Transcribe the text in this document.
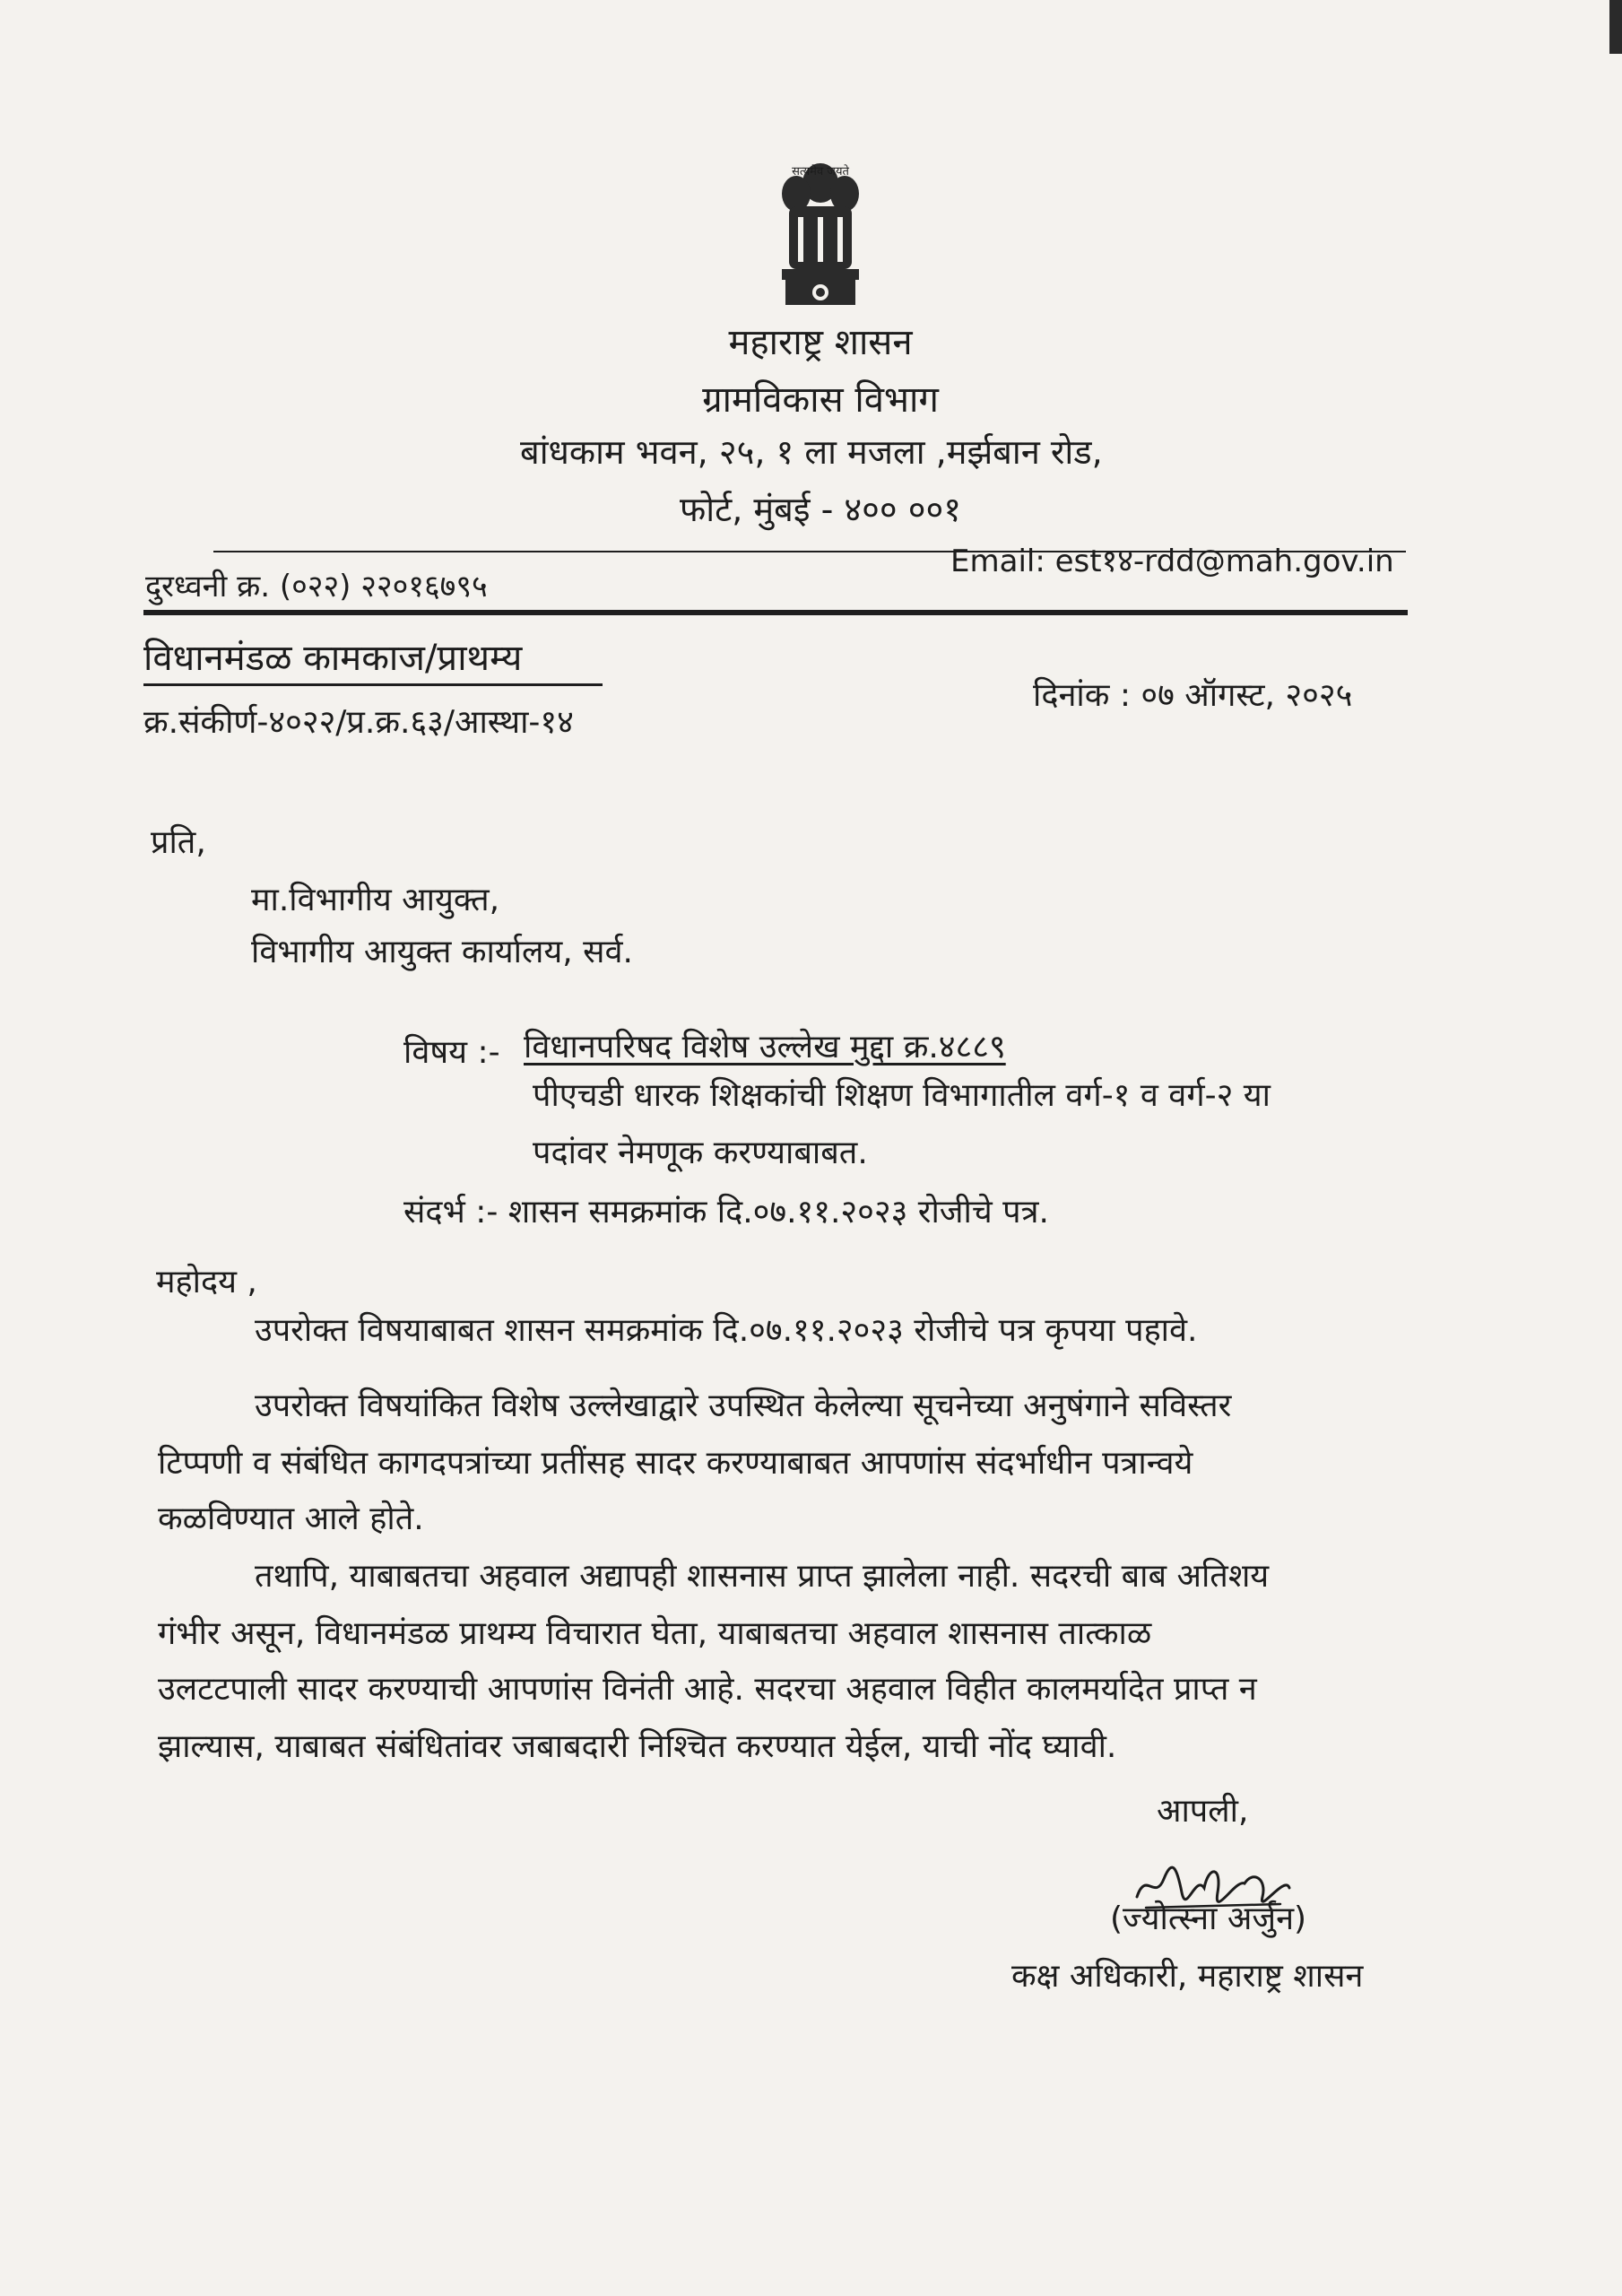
सत्यमेव जयते
महाराष्ट्र शासन
ग्रामविकास विभाग
बांधकाम भवन, २५, १ ला मजला ,मर्झबान रोड,
फोर्ट, मुंबई - ४०० ००१
Email: est१४-rdd@mah.gov.in
दुरध्वनी क्र. (०२२) २२०१६७९५
विधानमंडळ कामकाज/प्राथम्य
क्र.संकीर्ण-४०२२/प्र.क्र.६३/आस्था-१४
दिनांक : ०७ ऑगस्ट, २०२५
प्रति,
मा.विभागीय आयुक्त,
विभागीय आयुक्त कार्यालय, सर्व.
विषय :- विधानपरिषद विशेष उल्लेख मुद्दा क्र.४८८९
पीएचडी धारक शिक्षकांची शिक्षण विभागातील वर्ग-१ व वर्ग-२ या
पदांवर नेमणूक करण्याबाबत.
संदर्भ :- शासन समक्रमांक दि.०७.११.२०२३ रोजीचे पत्र.
महोदय ,
उपरोक्त विषयाबाबत शासन समक्रमांक दि.०७.११.२०२३ रोजीचे पत्र कृपया पहावे.
उपरोक्त विषयांकित विशेष उल्लेखाद्वारे उपस्थित केलेल्या सूचनेच्या अनुषंगाने सविस्तर
टिप्पणी व संबंधित कागदपत्रांच्या प्रतींसह सादर करण्याबाबत आपणांस संदर्भाधीन पत्रान्वये
कळविण्यात आले होते.
तथापि, याबाबतचा अहवाल अद्यापही शासनास प्राप्त झालेला नाही. सदरची बाब अतिशय
गंभीर असून, विधानमंडळ प्राथम्य विचारात घेता, याबाबतचा अहवाल शासनास तात्काळ
उलटटपाली सादर करण्याची आपणांस विनंती आहे. सदरचा अहवाल विहीत कालमर्यादेत प्राप्त न
झाल्यास, याबाबत संबंधितांवर जबाबदारी निश्चित करण्यात येईल, याची नोंद घ्यावी.
आपली,
(ज्योत्स्ना अर्जुन)
कक्ष अधिकारी, महाराष्ट्र शासन
